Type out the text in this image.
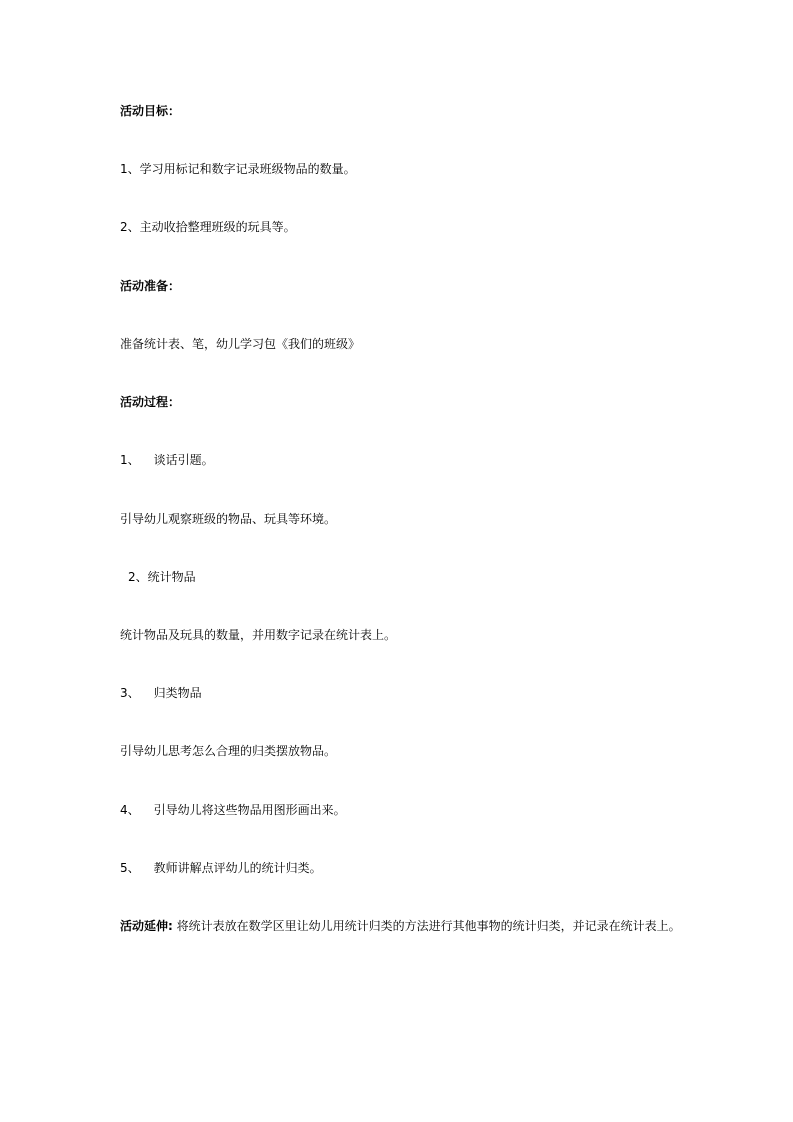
活动目标：
1、学习用标记和数字记录班级物品的数量。
2、主动收拾整理班级的玩具等。
活动准备：
准备统计表、笔，幼儿学习包《我们的班级》
活动过程：
1、 谈话引题。
引导幼儿观察班级的物品、玩具等环境。
2、统计物品
统计物品及玩具的数量，并用数字记录在统计表上。
3、 归类物品
引导幼儿思考怎么合理的归类摆放物品。
4、 引导幼儿将这些物品用图形画出来。
5、 教师讲解点评幼儿的统计归类。
活动延伸: 将统计表放在数学区里让幼儿用统计归类的方法进行其他事物的统计归类，并记录在统计表上。
